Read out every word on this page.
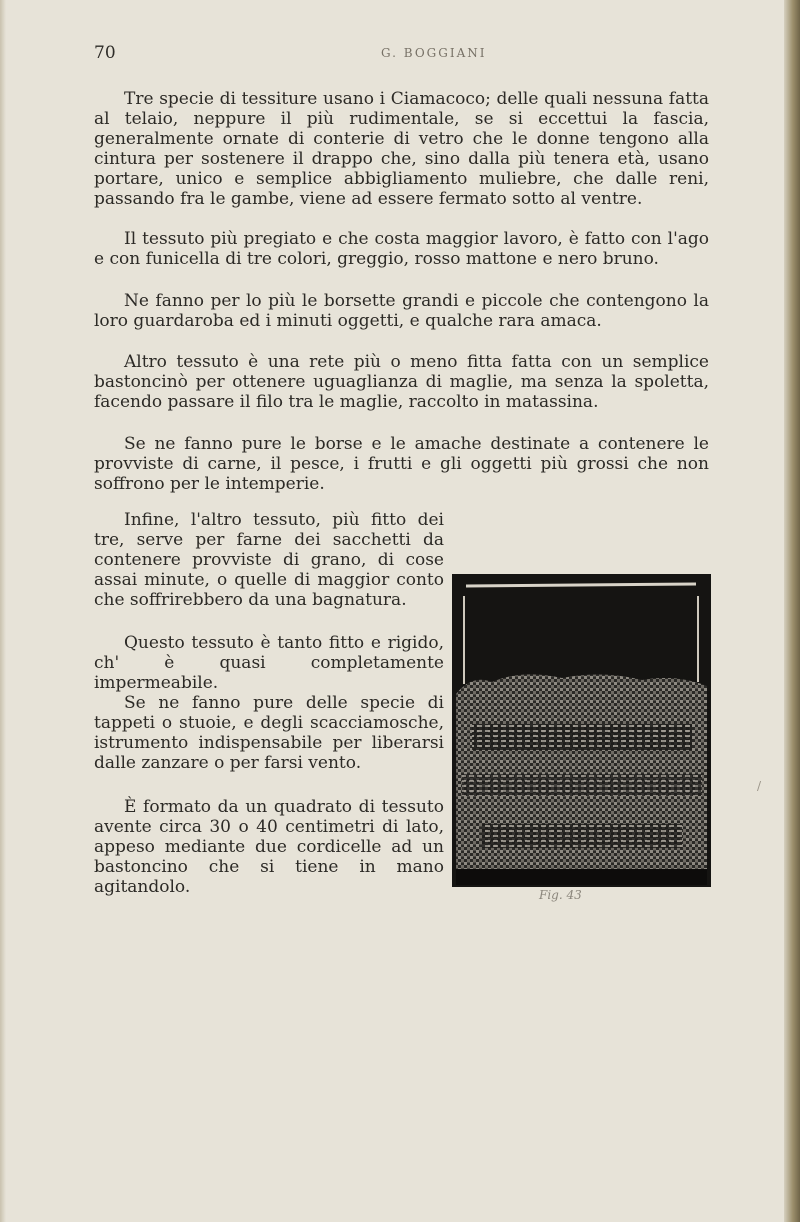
70	G. BOGGIANI

Tre specie di tessiture usano i Ciamacoco; delle quali nessuna fatta al telaio, neppure il più rudimentale, se si eccettui la fascia, generalmente ornate di conterie di vetro che le donne tengono alla cintura per sostenere il drappo che, sino dalla più tenera età, usano portare, unico e semplice abbigliamento muliebre, che dalle reni, passando fra le gambe, viene ad essere fermato sotto al ventre.

Il tessuto più pregiato e che costa maggior lavoro, è fatto con l'ago e con funicella di tre colori, greggio, rosso mattone e nero bruno.

Ne fanno per lo più le borsette grandi e piccole che contengono la loro guardaroba ed i minuti oggetti, e qualche rara amaca.

Altro tessuto è una rete più o meno fitta fatta con un semplice bastoncinò per ottenere uguaglianza di maglie, ma senza la spoletta, facendo passare il filo tra le maglie, raccolto in matassina.

Se ne fanno pure le borse e le amache destinate a contenere le provviste di carne, il pesce, i frutti e gli oggetti più grossi che non soffrono per le intemperie.

Infine, l'altro tessuto, più fitto dei tre, serve per farne dei sacchetti da contenere provviste di grano, di cose assai minute, o quelle di maggior conto che soffrirebbero da una bagnatura.

Questo tessuto è tanto fitto e rigido, ch' è quasi completamente impermeabile.

Se ne fanno pure delle specie di tappeti o stuoie, e degli scacciamosche, istrumento indispensabile per liberarsi dalle zanzare o per farsi vento.

È formato da un quadrato di tessuto avente circa 30 o 40 centimetri di lato, appeso mediante due cordicelle ad un bastoncino che si tiene in mano agitandolo.	Fig. 43
/
